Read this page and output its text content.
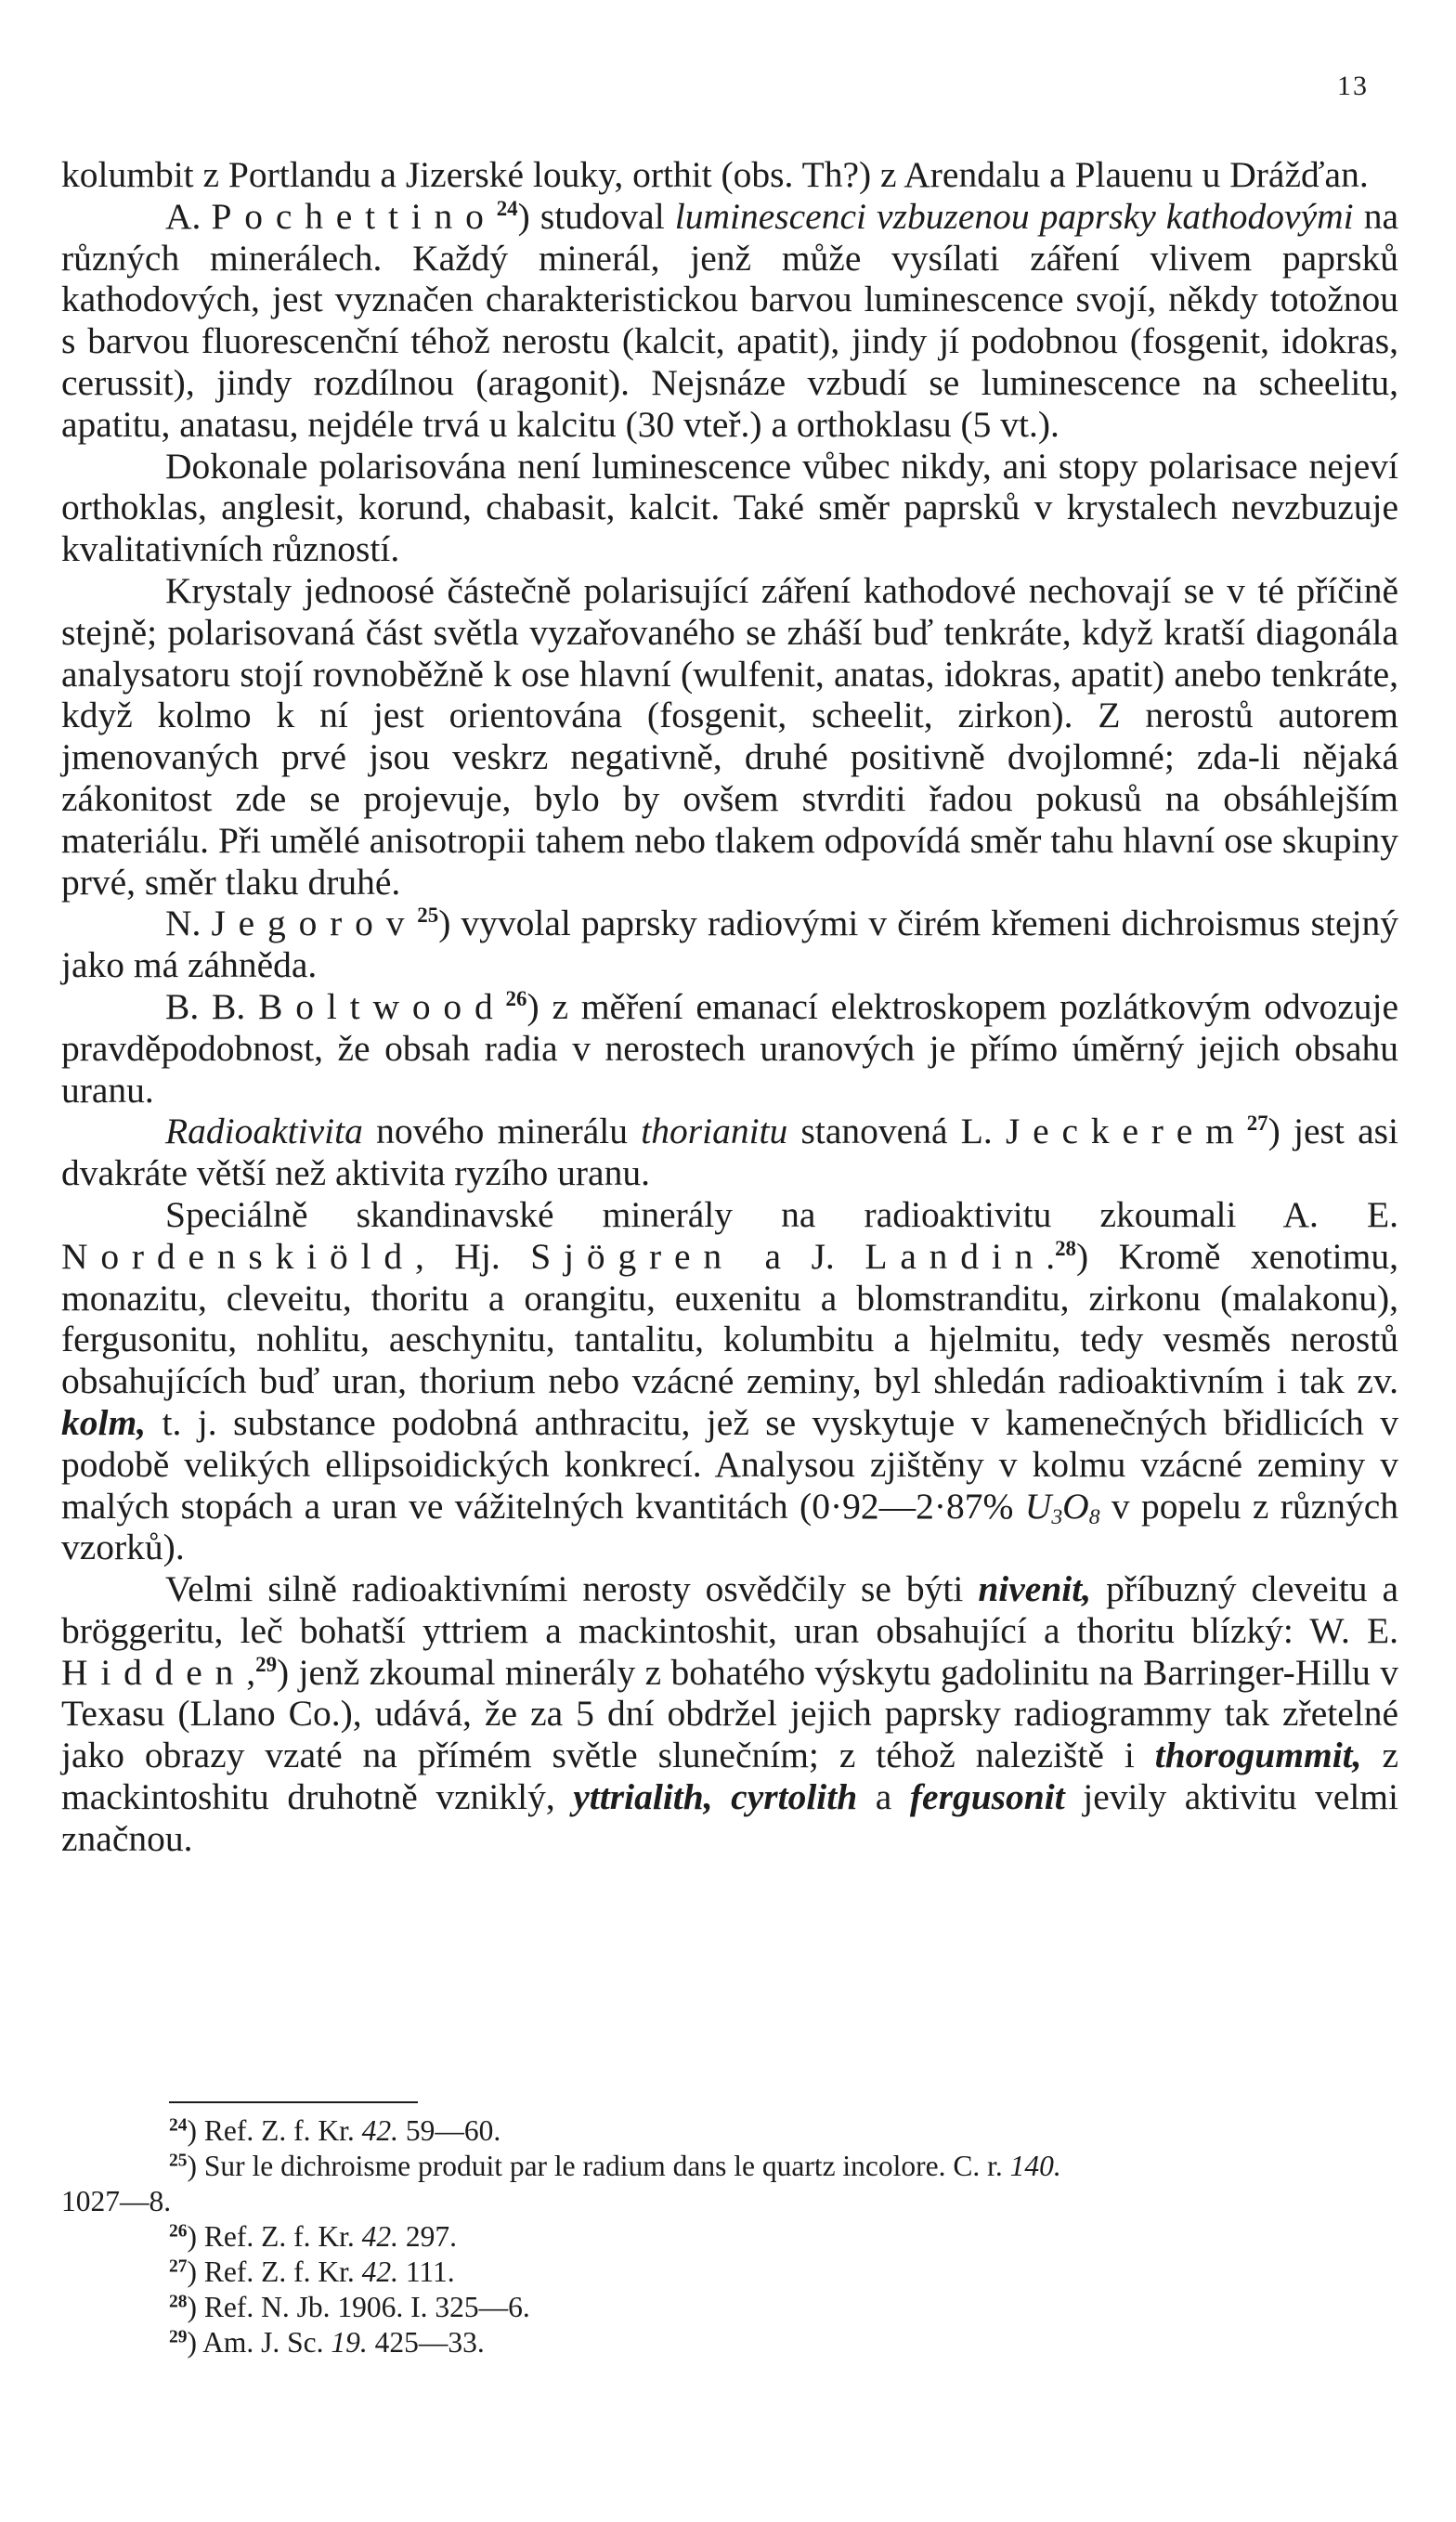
13

kolumbit z Portlandu a Jizerské louky, orthit (obs. Th?) z Arendalu a Plauenu u Drážďan.

A. Pochettino$^{24}$) studoval luminescenci vzbuzenou paprsky kathodovými na různých minerálech. Každý minerál, jenž může vysílati záření vlivem paprsků kathodových, jest vyznačen charakteristickou barvou luminescence svojí, někdy totožnou s barvou fluorescenční téhož nerostu (kalcit, apatit), jindy jí podobnou (fosgenit, idokras, cerussit), jindy rozdílnou (aragonit). Nejsnáze vzbudí se luminescence na scheelitu, apatitu, anatasu, nejdéle trvá u kalcitu (30 vteř.) a orthoklasu (5 vt.).

Dokonale polarisována není luminescence vůbec nikdy, ani stopy polarisace nejeví orthoklas, anglesit, korund, chabasit, kalcit. Také směr paprsků v krystalech nevzbuzuje kvalitativních růzností.

Krystaly jednoosé částečně polarisující záření kathodové nechovají se v té příčině stejně; polarisovaná část světla vyzařovaného se zháší buď tenkráte, když kratší diagonála analysatoru stojí rovnoběžně k ose hlavní (wulfenit, anatas, idokras, apatit) anebo tenkráte, když kolmo k ní jest orientována (fosgenit, scheelit, zirkon). Z nerostů autorem jmenovaných prvé jsou veskrz negativně, druhé positivně dvojlomné; zda-li nějaká zákonitost zde se projevuje, bylo by ovšem stvrditi řadou pokusů na obsáhlejším materiálu. Při umělé anisotropii tahem nebo tlakem odpovídá směr tahu hlavní ose skupiny prvé, směr tlaku druhé.

N. Jegorov$^{25}$) vyvolal paprsky radiovými v čirém křemeni dichroismus stejný jako má záhněda.

B. B. Boltwood$^{26}$) z měření emanací elektroskopem pozlátkovým odvozuje pravděpodobnost, že obsah radia v nerostech uranových je přímo úměrný jejich obsahu uranu.

Radioaktivita nového minerálu thorianitu stanovená L. Jeckerem$^{27}$) jest asi dvakráte větší než aktivita ryzího uranu.

Speciálně skandinavské minerály na radioaktivitu zkoumali A. E. Nordenskiöld, Hj. Sjögren a J. Landin.$^{28}$) Kromě xenotimu, monazitu, cleveitu, thoritu a orangitu, euxenitu a blomstranditu, zirkonu (malakonu), fergusonitu, nohlitu, aeschynitu, tantalitu, kolumbitu a hjelmitu, tedy vesměs nerostů obsahujících buď uran, thorium nebo vzácné zeminy, byl shledán radioaktivním i tak zv. kolm, t. j. substance podobná anthracitu, jež se vyskytuje v kamenečných břidlicích v podobě velikých ellipsoidických konkrecí. Analysou zjištěny v kolmu vzácné zeminy v malých stopách a uran ve vážitelných kvantitách (0·92—2·87% $U_3O_8$ v popelu z různých vzorků).

Velmi silně radioaktivními nerosty osvědčily se býti nivenit, příbuzný cleveitu a bröggeritu, leč bohatší yttriem a mackintoshit, uran obsahující a thoritu blízký: W. E. Hidden,$^{29}$) jenž zkoumal minerály z bohatého výskytu gadolinitu na Barringer-Hillu v Texasu (Llano Co.), udává, že za 5 dní obdržel jejich paprsky radiogrammy tak zřetelné jako obrazy vzaté na přímém světle slunečním; z téhož naleziště i thorogummit, z mackintoshitu druhotně vzniklý, yttrialith, cyrtolith a fergusonit jevily aktivitu velmi značnou.

$^{24}$) Ref. Z. f. Kr. 42. 59—60.

$^{25}$) Sur le dichroisme produit par le radium dans le quartz incolore. C. r. 140.

1027—8.

$^{26}$) Ref. Z. f. Kr. 42. 297.

$^{27}$) Ref. Z. f. Kr. 42. 111.

$^{28}$) Ref. N. Jb. 1906. I. 325—6.

$^{29}$) Am. J. Sc. 19. 425—33.
